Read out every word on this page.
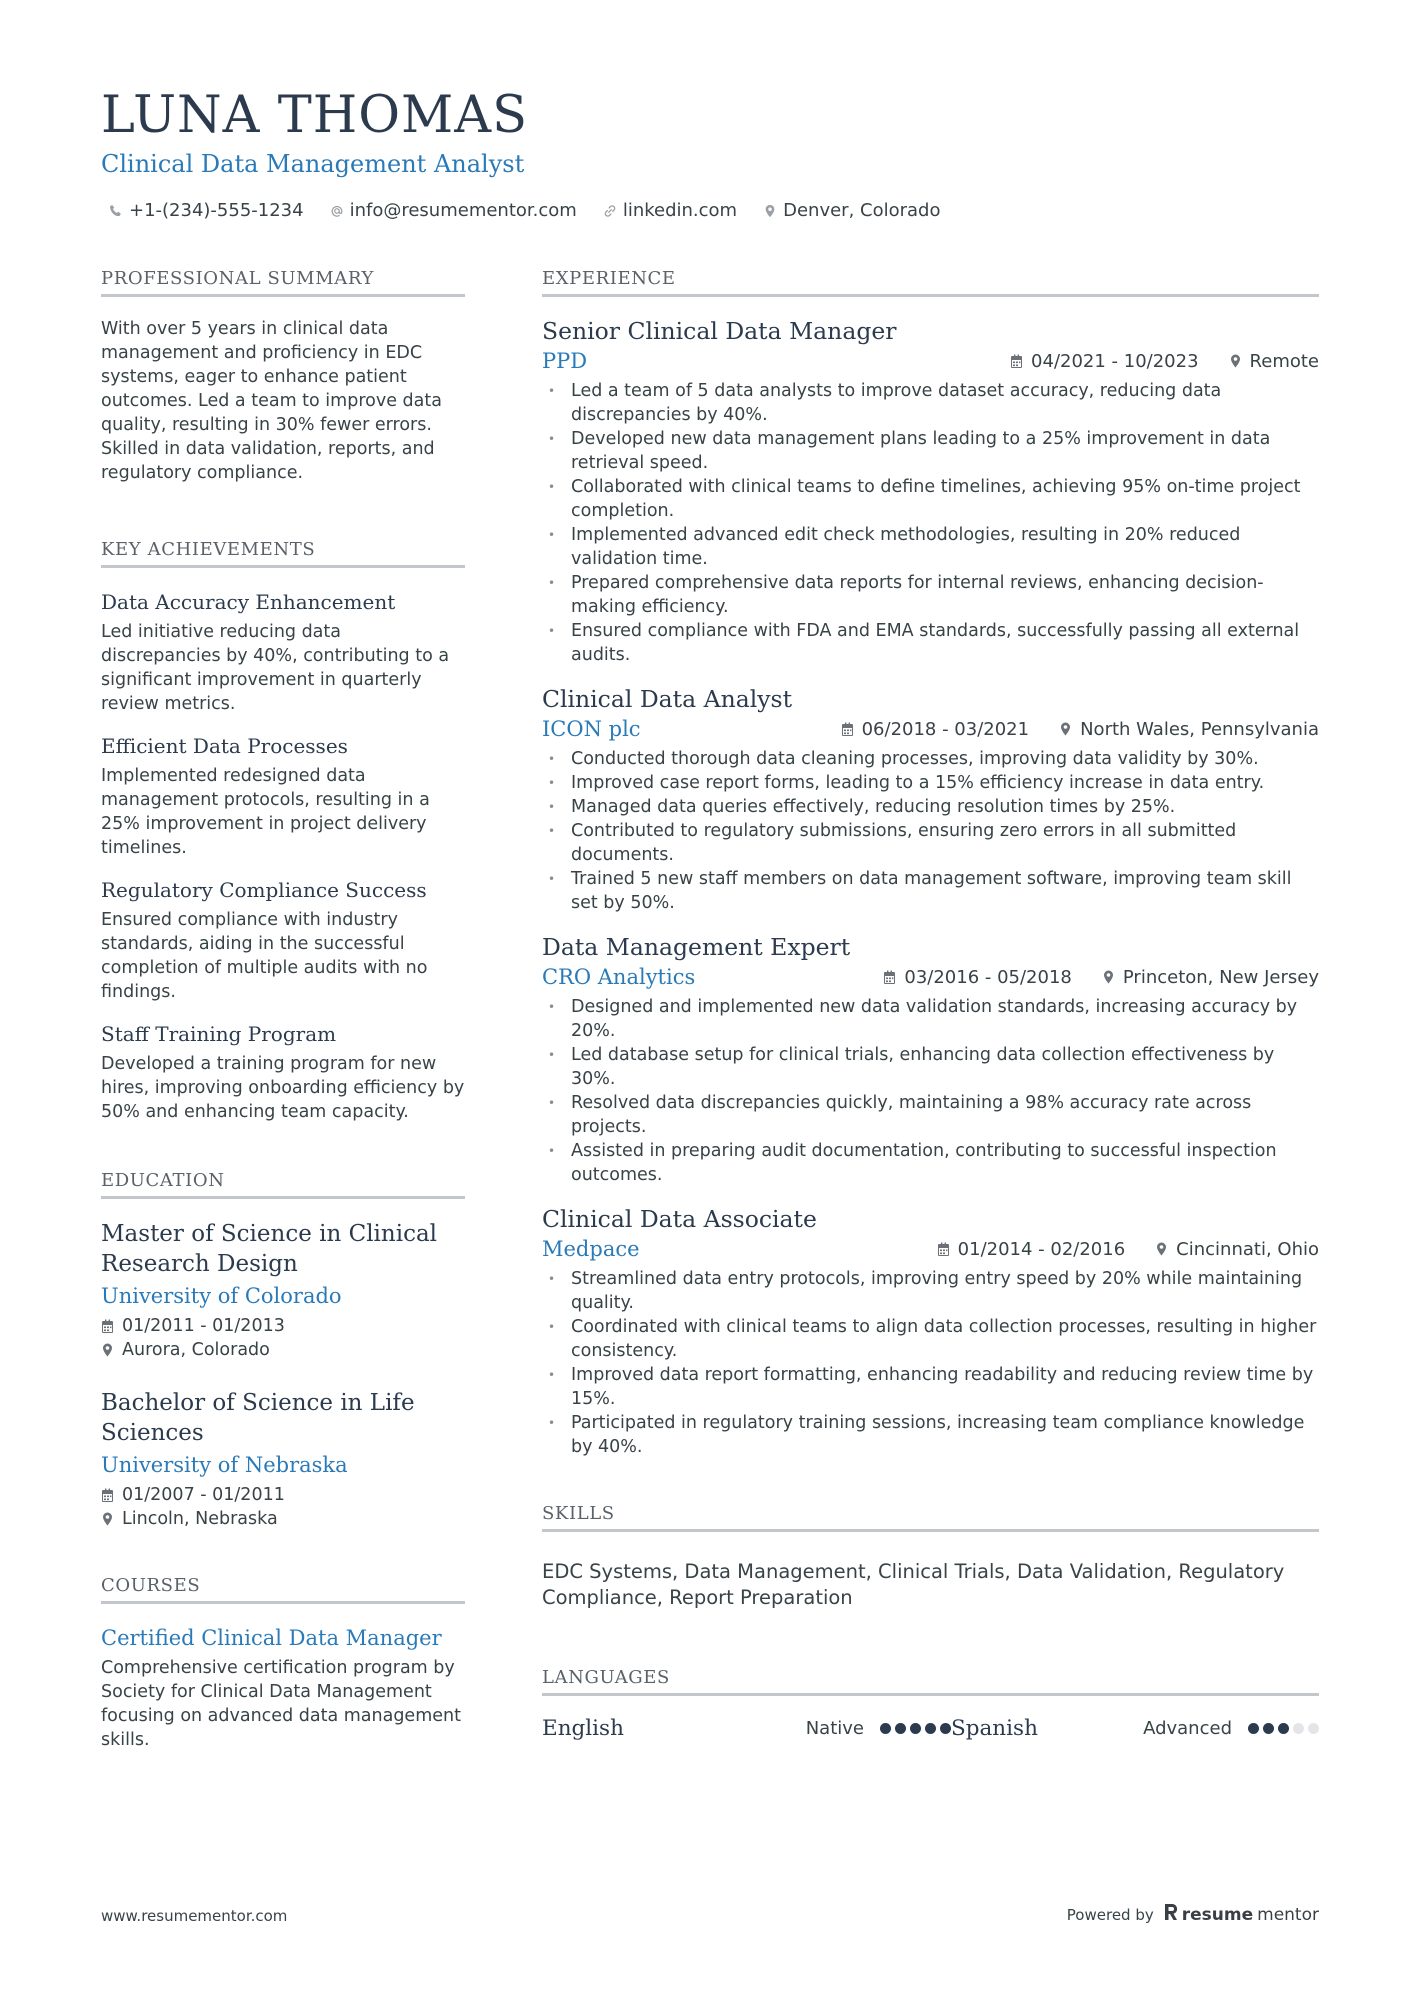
LUNA THOMAS
Clinical Data Management Analyst
+1-(234)-555-1234	info@resumementor.com	linkedin.com	Denver, Colorado
PROFESSIONAL SUMMARY
With over 5 years in clinical data management and proficiency in EDC systems, eager to enhance patient outcomes. Led a team to improve data quality, resulting in 30% fewer errors. Skilled in data validation, reports, and regulatory compliance.
KEY ACHIEVEMENTS
Data Accuracy Enhancement
Led initiative reducing data discrepancies by 40%, contributing to a significant improvement in quarterly review metrics.
Efficient Data Processes
Implemented redesigned data management protocols, resulting in a 25% improvement in project delivery timelines.
Regulatory Compliance Success
Ensured compliance with industry standards, aiding in the successful completion of multiple audits with no findings.
Staff Training Program
Developed a training program for new hires, improving onboarding efficiency by 50% and enhancing team capacity.
EDUCATION
Master of Science in Clinical Research Design
University of Colorado
01/2011 - 01/2013
Aurora, Colorado
Bachelor of Science in Life Sciences
University of Nebraska
01/2007 - 01/2011
Lincoln, Nebraska
COURSES
Certified Clinical Data Manager
Comprehensive certification program by Society for Clinical Data Management focusing on advanced data management skills.
EXPERIENCE
Senior Clinical Data Manager
PPD	04/2021 - 10/2023	Remote
• Led a team of 5 data analysts to improve dataset accuracy, reducing data discrepancies by 40%.
• Developed new data management plans leading to a 25% improvement in data retrieval speed.
• Collaborated with clinical teams to define timelines, achieving 95% on-time project completion.
• Implemented advanced edit check methodologies, resulting in 20% reduced validation time.
• Prepared comprehensive data reports for internal reviews, enhancing decision-making efficiency.
• Ensured compliance with FDA and EMA standards, successfully passing all external audits.
Clinical Data Analyst
ICON plc	06/2018 - 03/2021	North Wales, Pennsylvania
• Conducted thorough data cleaning processes, improving data validity by 30%.
• Improved case report forms, leading to a 15% efficiency increase in data entry.
• Managed data queries effectively, reducing resolution times by 25%.
• Contributed to regulatory submissions, ensuring zero errors in all submitted documents.
• Trained 5 new staff members on data management software, improving team skill set by 50%.
Data Management Expert
CRO Analytics	03/2016 - 05/2018	Princeton, New Jersey
• Designed and implemented new data validation standards, increasing accuracy by 20%.
• Led database setup for clinical trials, enhancing data collection effectiveness by 30%.
• Resolved data discrepancies quickly, maintaining a 98% accuracy rate across projects.
• Assisted in preparing audit documentation, contributing to successful inspection outcomes.
Clinical Data Associate
Medpace	01/2014 - 02/2016	Cincinnati, Ohio
• Streamlined data entry protocols, improving entry speed by 20% while maintaining quality.
• Coordinated with clinical teams to align data collection processes, resulting in higher consistency.
• Improved data report formatting, enhancing readability and reducing review time by 15%.
• Participated in regulatory training sessions, increasing team compliance knowledge by 40%.
SKILLS
EDC Systems, Data Management, Clinical Trials, Data Validation, Regulatory Compliance, Report Preparation
LANGUAGES
English	Native	Spanish	Advanced
www.resumementor.com	Powered by resume mentor
